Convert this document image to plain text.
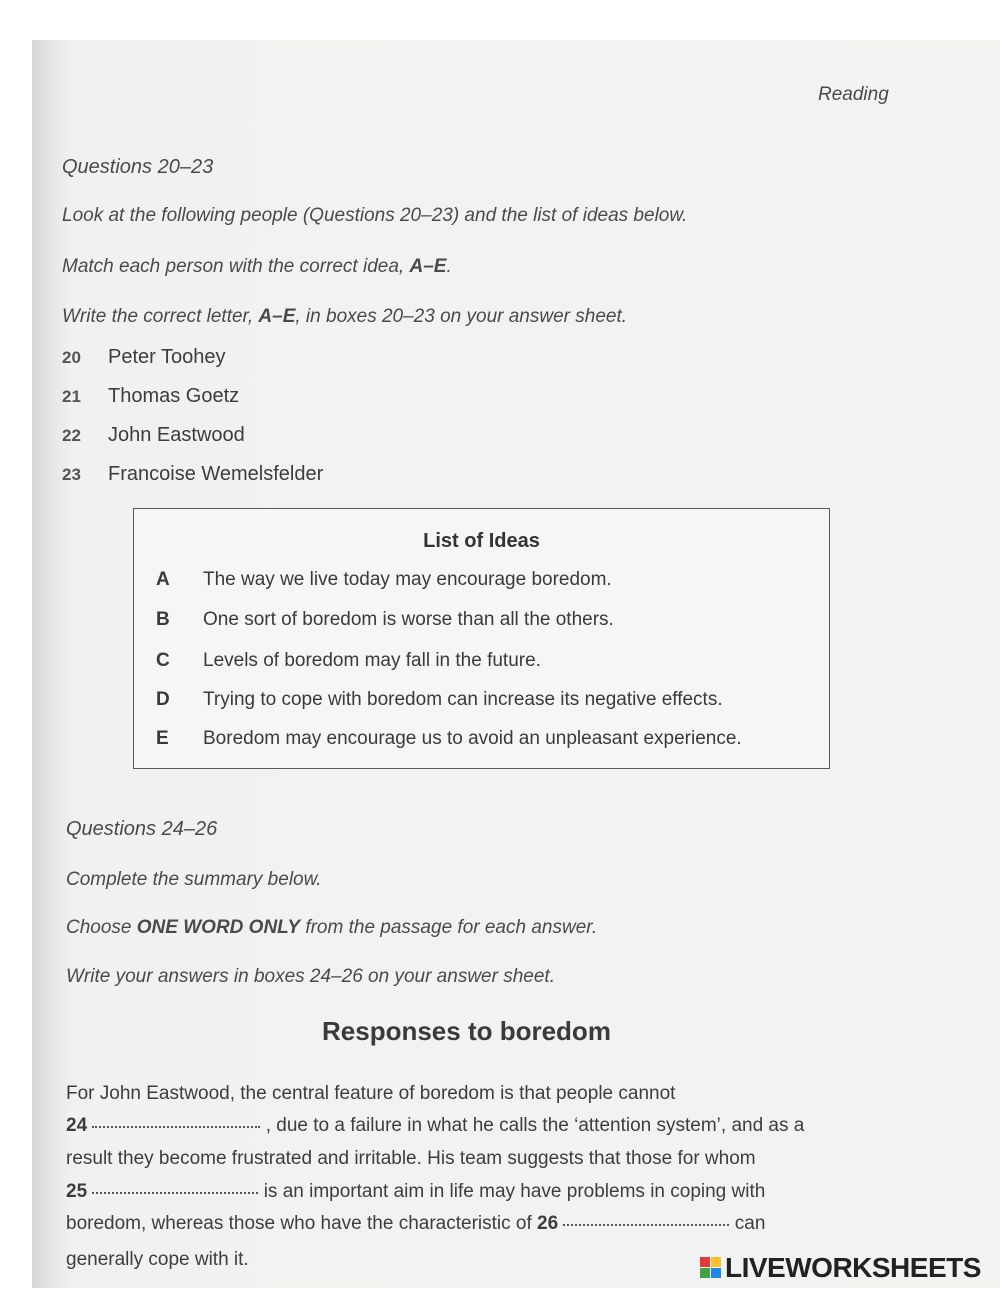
Reading
Questions 20–23
Look at the following people (Questions 20–23) and the list of ideas below.
Match each person with the correct idea, A–E.
Write the correct letter, A–E, in boxes 20–23 on your answer sheet.
20 Peter Toohey
21 Thomas Goetz
22 John Eastwood
23 Francoise Wemelsfelder
List of Ideas
A The way we live today may encourage boredom.
B One sort of boredom is worse than all the others.
C Levels of boredom may fall in the future.
D Trying to cope with boredom can increase its negative effects.
E Boredom may encourage us to avoid an unpleasant experience.
Questions 24–26
Complete the summary below.
Choose ONE WORD ONLY from the passage for each answer.
Write your answers in boxes 24–26 on your answer sheet.
Responses to boredom
For John Eastwood, the central feature of boredom is that people cannot
24	, due to a failure in what he calls the ‘attention system’, and as a
result they become frustrated and irritable. His team suggests that those for whom
25	is an important aim in life may have problems in coping with
boredom, whereas those who have the characteristic of 26	can
generally cope with it.	LIVEWORKSHEETS
